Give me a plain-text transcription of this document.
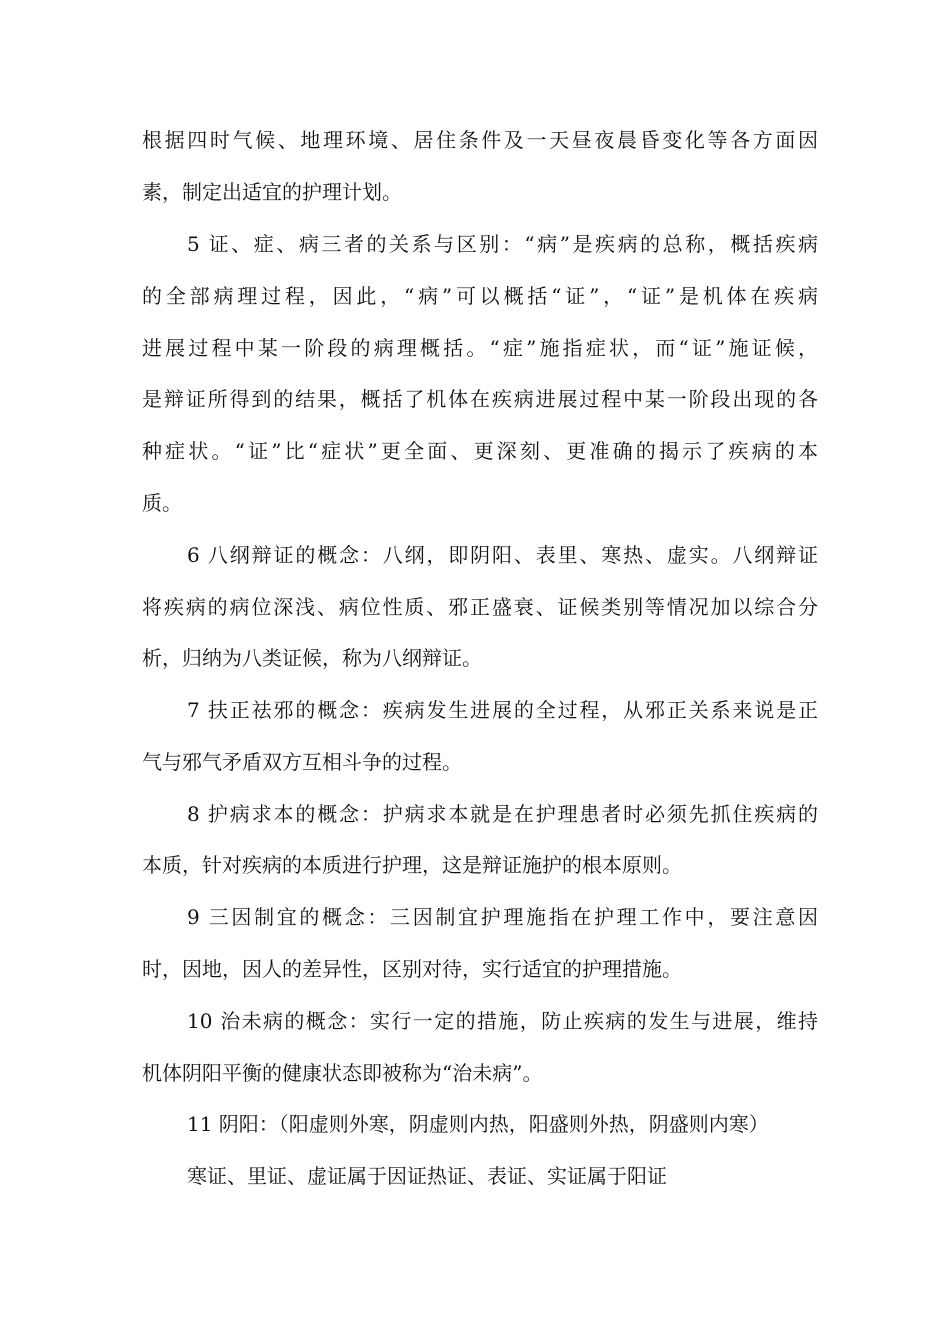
根据四时气候、地理环境、居住条件及一天昼夜晨昏变化等各方面因
素，制定出适宜的护理计划。
5 证、症、病三者的关系与区别：“病”是疾病的总称，概括疾病
的全部病理过程，因此，“病”可以概括“证”，“证”是机体在疾病
进展过程中某一阶段的病理概括。“症”施指症状，而“证”施证候，
是辩证所得到的结果，概括了机体在疾病进展过程中某一阶段出现的各
种症状。“证”比“症状”更全面、更深刻、更准确的揭示了疾病的本
质。
6 八纲辩证的概念：八纲，即阴阳、表里、寒热、虚实。八纲辩证
将疾病的病位深浅、病位性质、邪正盛衰、证候类别等情况加以综合分
析，归纳为八类证候，称为八纲辩证。
7 扶正祛邪的概念：疾病发生进展的全过程，从邪正关系来说是正
气与邪气矛盾双方互相斗争的过程。
8 护病求本的概念：护病求本就是在护理患者时必须先抓住疾病的
本质，针对疾病的本质进行护理，这是辩证施护的根本原则。
9 三因制宜的概念：三因制宜护理施指在护理工作中，要注意因
时，因地，因人的差异性，区别对待，实行适宜的护理措施。
10 治未病的概念：实行一定的措施，防止疾病的发生与进展，维持
机体阴阳平衡的健康状态即被称为“治未病”。
11 阴阳：（阳虚则外寒，阴虚则内热，阳盛则外热，阴盛则内寒）
寒证、里证、虚证属于因证热证、表证、实证属于阳证
